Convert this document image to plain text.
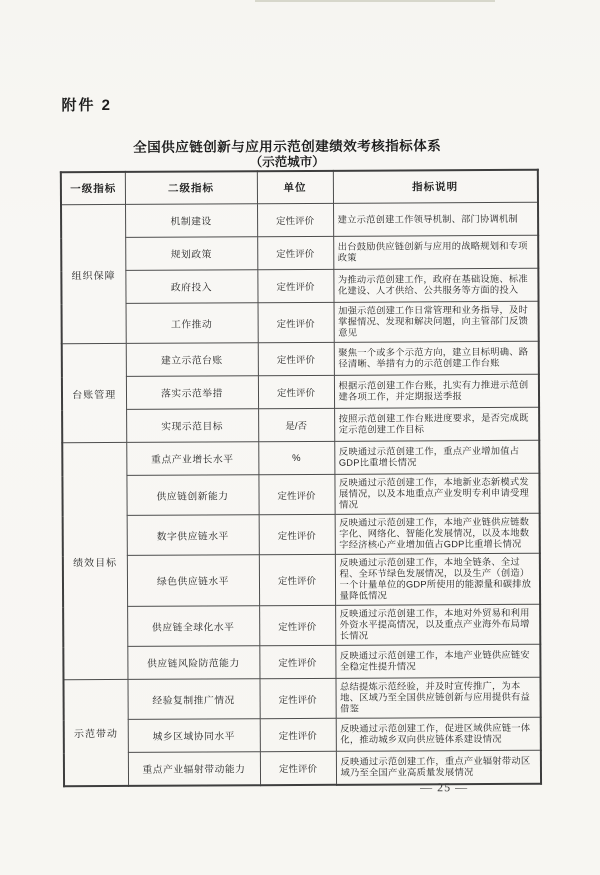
附件 2
全国供应链创新与应用示范创建绩效考核指标体系
（示范城市）
一级指标	二级指标	单位	指标说明
组织保障	机制建设	定性评价	建立示范创建工作领导机制、部门协调机制
	规划政策	定性评价	出台鼓励供应链创新与应用的战略规划和专项政策
	政府投入	定性评价	为推动示范创建工作，政府在基础设施、标准化建设、人才供给、公共服务等方面的投入
	工作推动	定性评价	加强示范创建工作日常管理和业务指导，及时掌握情况、发现和解决问题，向主管部门反馈意见
台账管理	建立示范台账	定性评价	聚焦一个或多个示范方向，建立目标明确、路径清晰、举措有力的示范创建工作台账
	落实示范举措	定性评价	根据示范创建工作台账，扎实有力推进示范创建各项工作，并定期报送季报
	实现示范目标	是/否	按照示范创建工作台账进度要求，是否完成既定示范创建工作目标
绩效目标	重点产业增长水平	%	反映通过示范创建工作，重点产业增加值占GDP比重增长情况
	供应链创新能力	定性评价	反映通过示范创建工作，本地新业态新模式发展情况，以及本地重点产业发明专利申请受理情况
	数字供应链水平	定性评价	反映通过示范创建工作，本地产业链供应链数字化、网络化、智能化发展情况，以及本地数字经济核心产业增加值占GDP比重增长情况
	绿色供应链水平	定性评价	反映通过示范创建工作，本地全链条、全过程、全环节绿色发展情况，以及生产（创造）一个计量单位的GDP所使用的能源量和碳排放量降低情况
	供应链全球化水平	定性评价	反映通过示范创建工作，本地对外贸易和利用外资水平提高情况，以及重点产业海外布局增长情况
	供应链风险防范能力	定性评价	反映通过示范创建工作，本地产业链供应链安全稳定性提升情况
示范带动	经验复制推广情况	定性评价	总结提炼示范经验，并及时宣传推广，为本地、区域乃至全国供应链创新与应用提供有益借鉴
	城乡区域协同水平	定性评价	反映通过示范创建工作，促进区域供应链一体化，推动城乡双向供应链体系建设情况
	重点产业辐射带动能力	定性评价	反映通过示范创建工作，重点产业辐射带动区域乃至全国产业高质量发展情况
— 25 —
